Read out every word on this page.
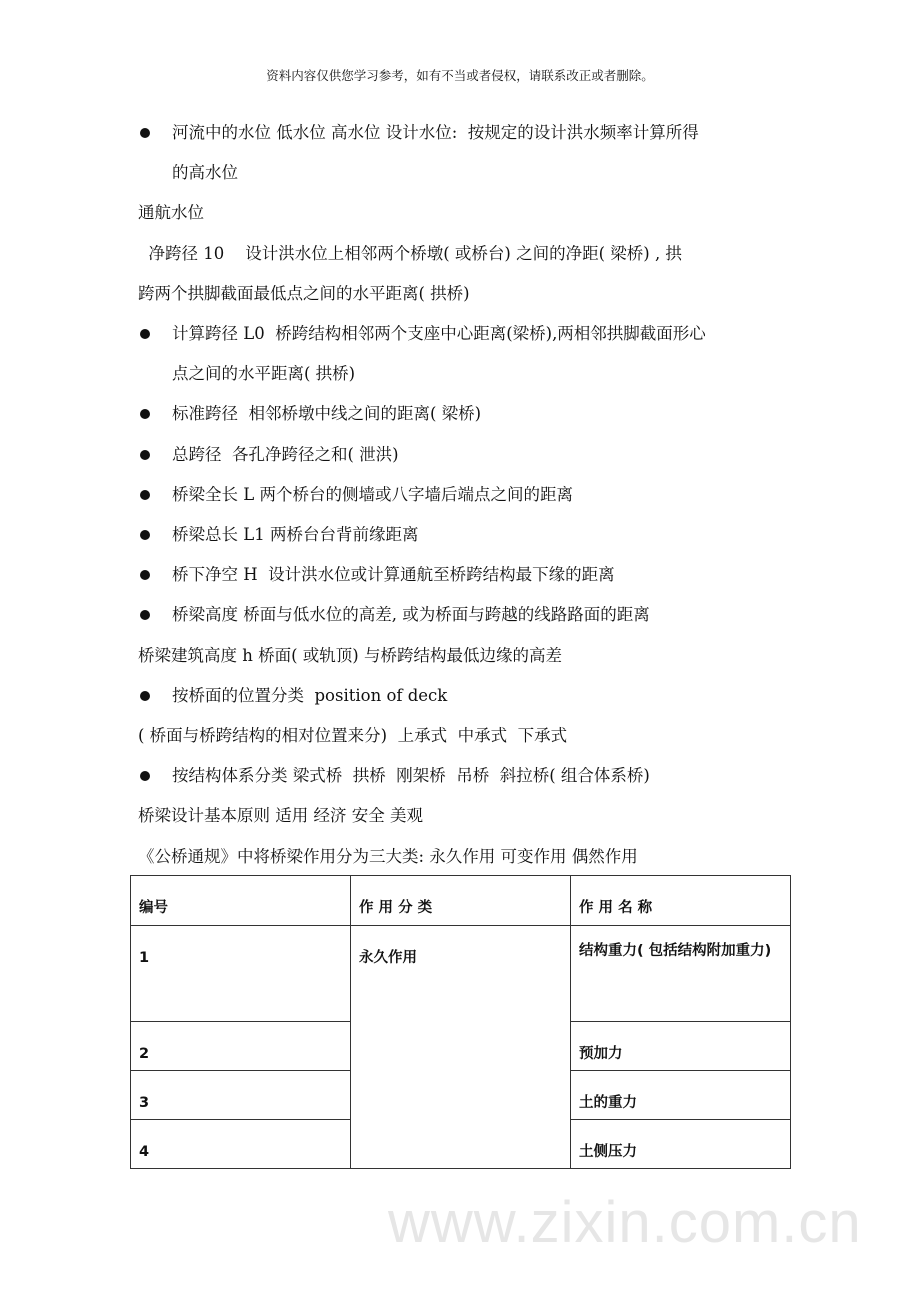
资料内容仅供您学习参考，如有不当或者侵权，请联系改正或者删除。
www.zixin.com.cn
河流中的水位 低水位 高水位 设计水位:  按规定的设计洪水频率计算所得
的高水位
通航水位
净跨径 10    设计洪水位上相邻两个桥墩( 或桥台) 之间的净距( 梁桥) , 拱
跨两个拱脚截面最低点之间的水平距离( 拱桥)
计算跨径 L0  桥跨结构相邻两个支座中心距离(梁桥),两相邻拱脚截面形心
点之间的水平距离( 拱桥)
标准跨径  相邻桥墩中线之间的距离( 梁桥)
总跨径  各孔净跨径之和( 泄洪)
桥梁全长 L 两个桥台的侧墙或八字墙后端点之间的距离
桥梁总长 L1 两桥台台背前缘距离
桥下净空 H  设计洪水位或计算通航至桥跨结构最下缘的距离
桥梁高度 桥面与低水位的高差, 或为桥面与跨越的线路路面的距离
桥梁建筑高度 h 桥面( 或轨顶) 与桥跨结构最低边缘的高差
按桥面的位置分类  position of deck
( 桥面与桥跨结构的相对位置来分)  上承式  中承式  下承式
按结构体系分类 梁式桥  拱桥  刚架桥  吊桥  斜拉桥( 组合体系桥)
桥梁设计基本原则 适用 经济 安全 美观
《公桥通规》中将桥梁作用分为三大类: 永久作用 可变作用 偶然作用
编号	作 用 分 类	作 用 名 称
1	永久作用	结构重力( 包括结构附加重力)
2		预加力
3		土的重力
4		土侧压力
